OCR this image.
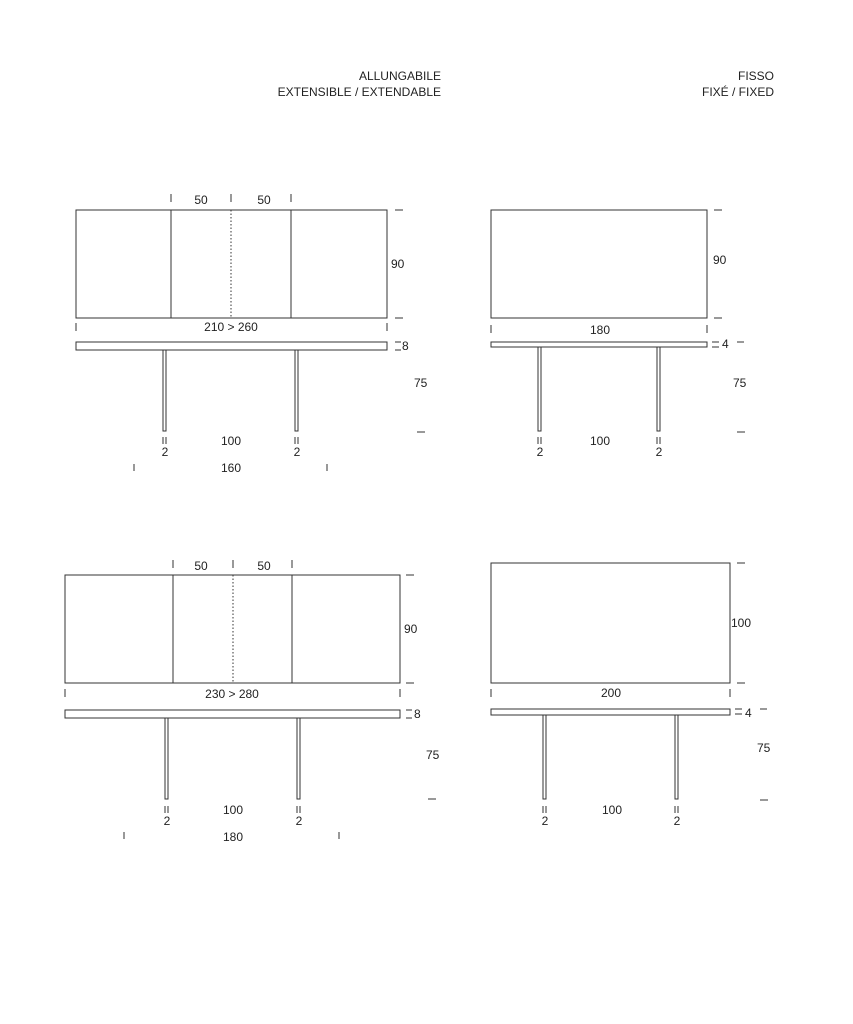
ALLUNGABILE
EXTENSIBLE / EXTENDABLE
FISSO
FIXÉ / FIXED
50	50
90
210 > 260
8
75
2	2
100
160
90
180
4
75
2	2
100
50	50
90
230 > 280
8
75
2	2
100
180
100
200
4
75
2	2
100
